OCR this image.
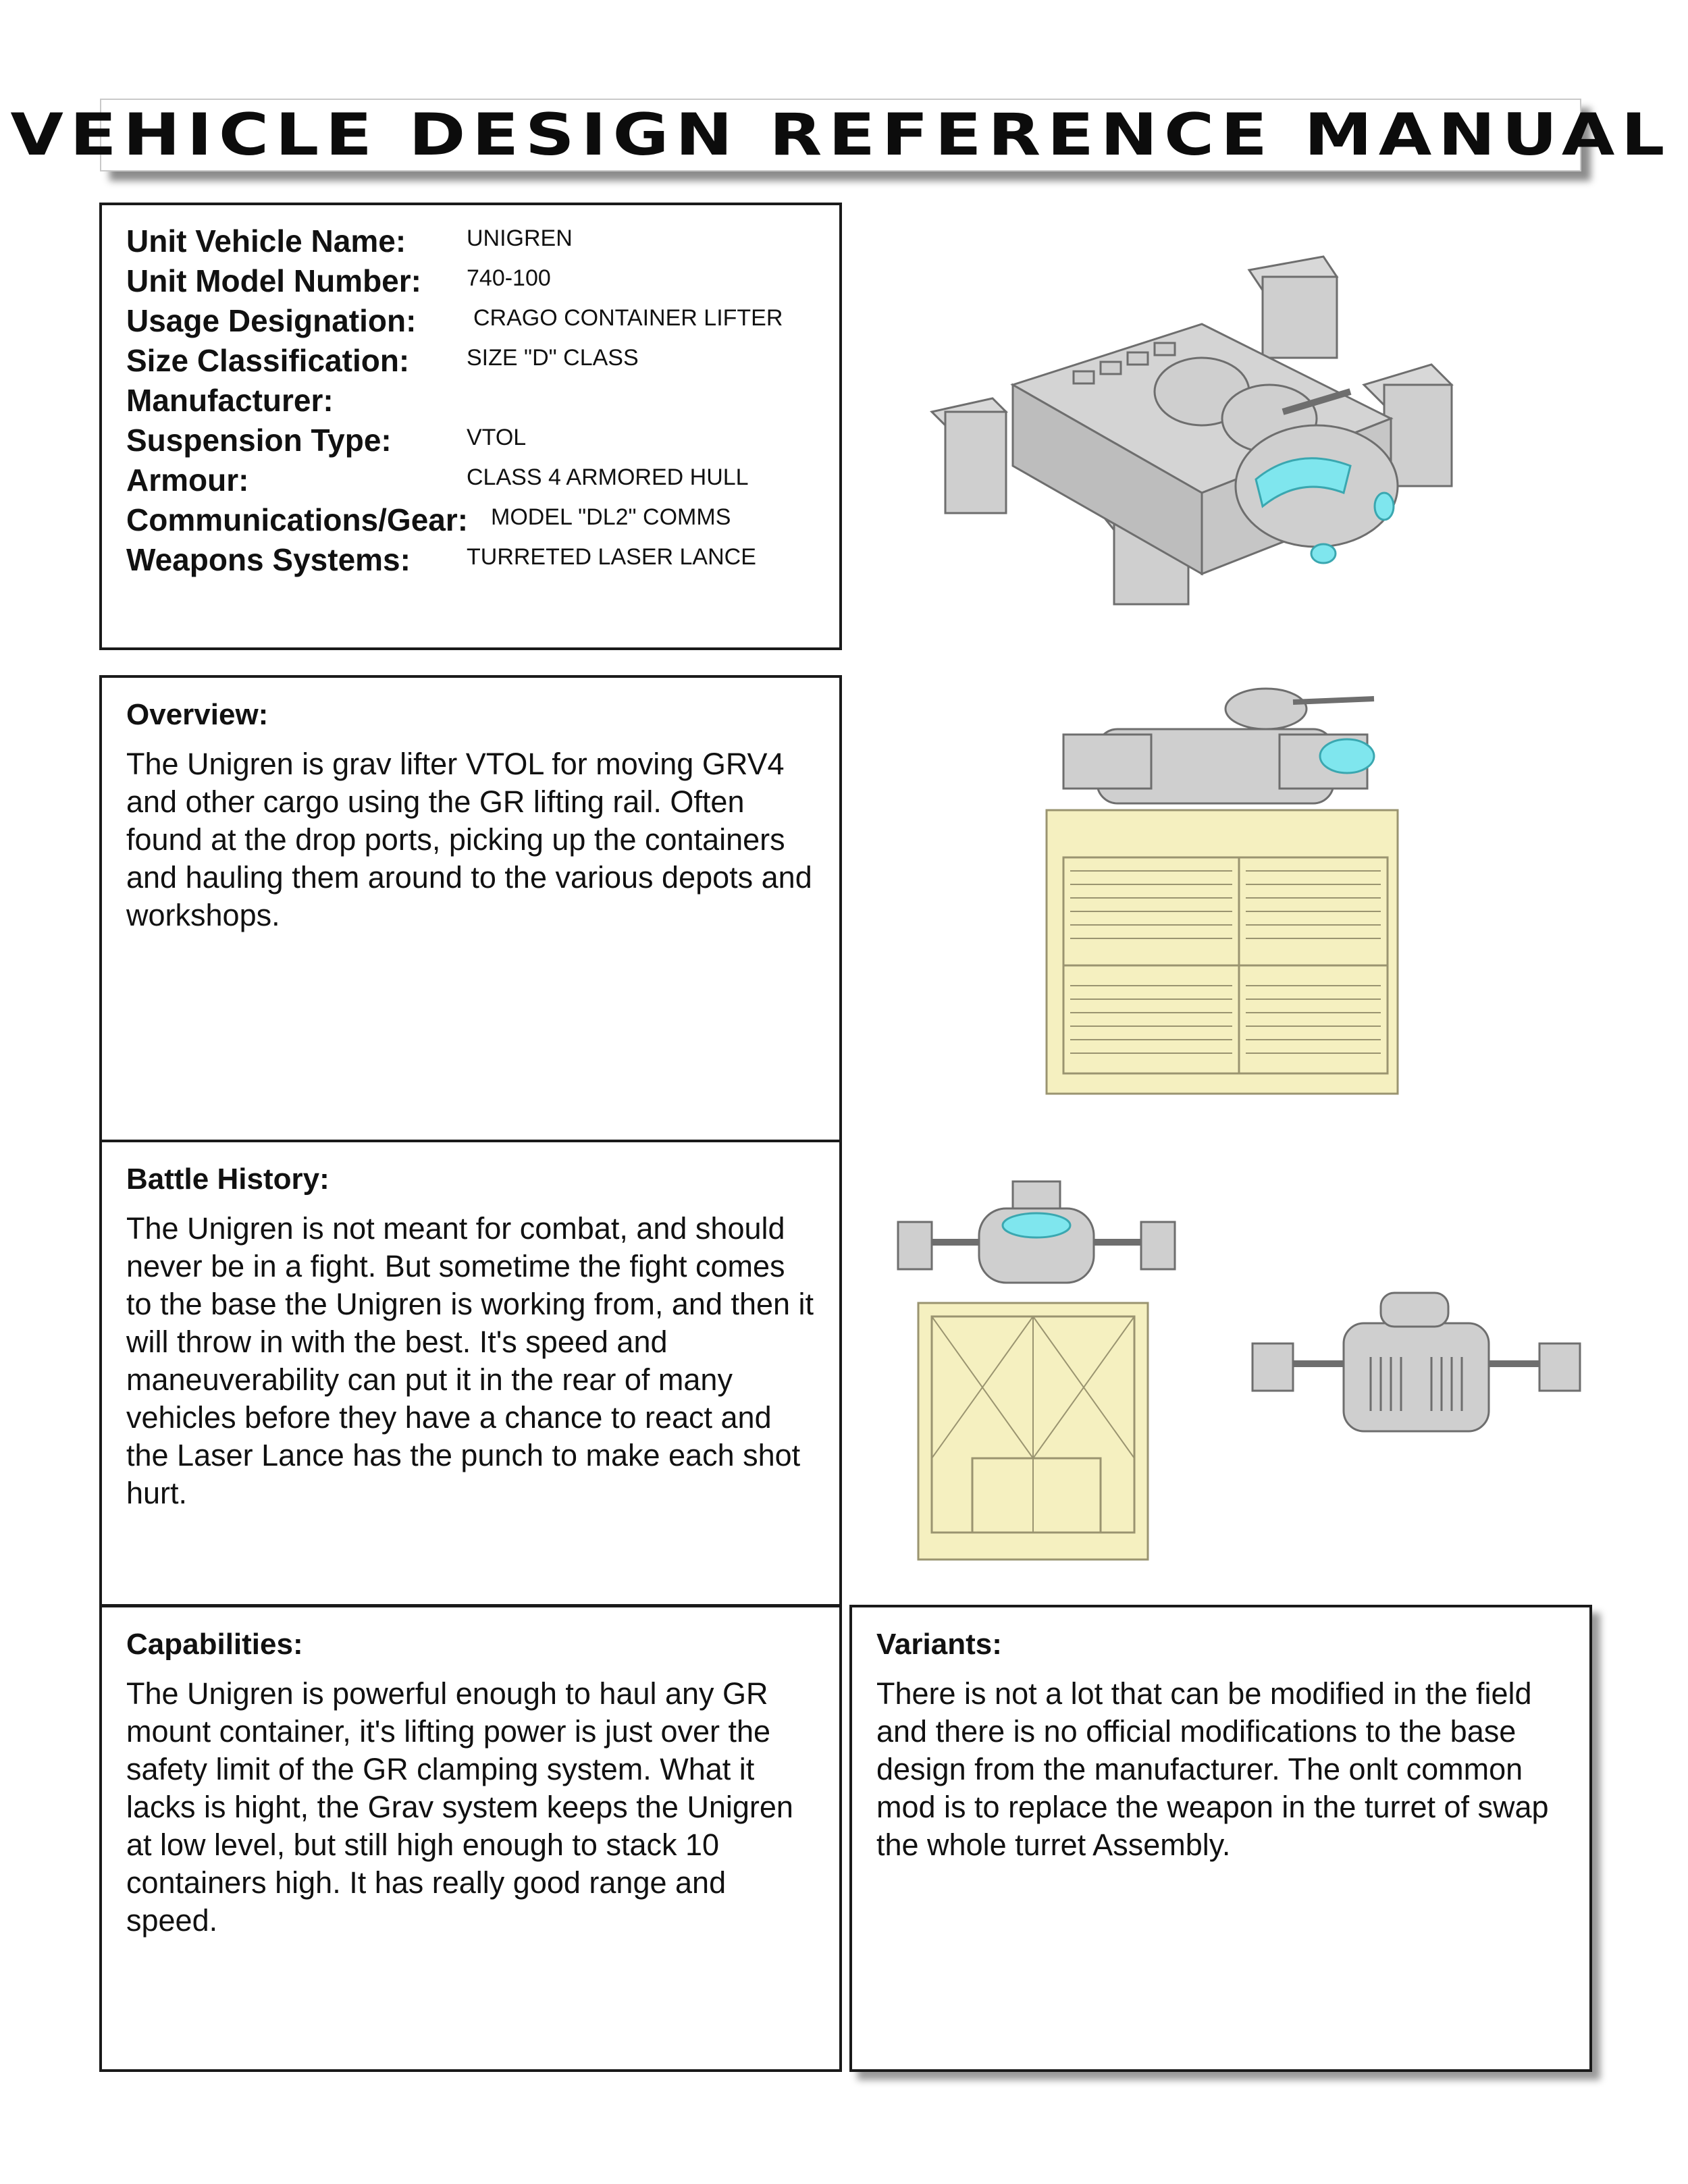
VEHICLE DESIGN REFERENCE MANUAL
Unit Vehicle Name:	UNIGREN
Unit Model Number: 740-100
Usage Designation: CRAGO CONTAINER LIFTER
Size Classification: SIZE "D" CLASS
Manufacturer:
Suspension Type:	VTOL
Armour:	CLASS 4 ARMORED HULL
Communications/Gear: MODEL "DL2" COMMS
Weapons Systems: TURRETED LASER LANCE
Overview:
The Unigren is grav lifter VTOL for moving GRV4 and other cargo using the GR lifting rail. Often found at the drop ports, picking up the containers and hauling them around to the various depots and workshops.
Battle History:
The Unigren is not meant for combat, and should never be in a fight. But sometime the fight comes to the base the Unigren is working from, and then it will throw in with the best. It's speed and maneuverability can put it in the rear of many vehicles before they have a chance to react and the Laser Lance has the punch to make each shot hurt.
Capabilities:
The Unigren is powerful enough to haul any GR mount container, it's lifting power is just over the safety limit of the GR clamping system. What it lacks is hight, the Grav system keeps the Unigren at low level, but still high enough to stack 10 containers high. It has really good range and speed.
Variants:
There is not a lot that can be modified in the field and there is no official modifications to the base design from the manufacturer. The onlt common mod is to replace the weapon in the turret of swap the whole turret Assembly.
